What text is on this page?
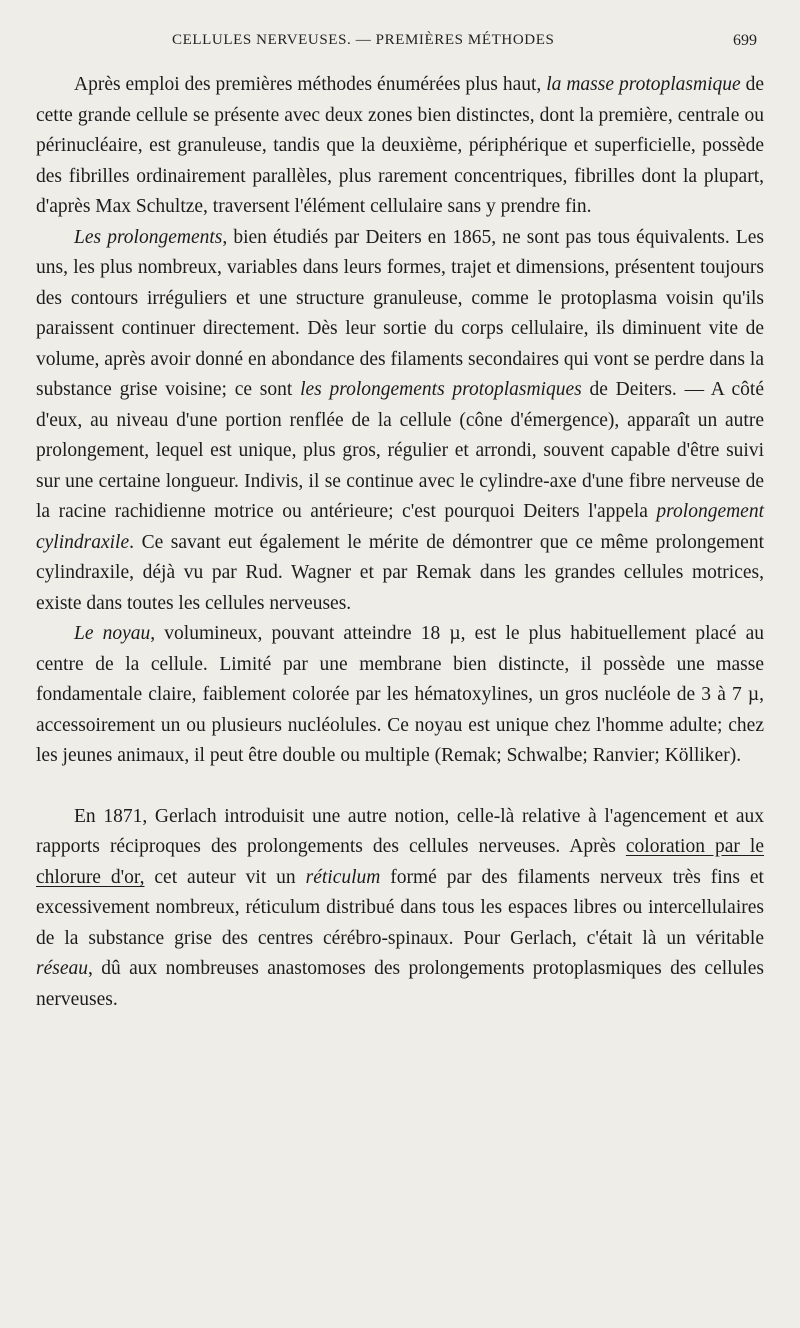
CELLULES NERVEUSES. — PREMIÈRES MÉTHODES	699

Après emploi des premières méthodes énumérées plus haut, la masse protoplasmique de cette grande cellule se présente avec deux zones bien distinctes, dont la première, centrale ou périnucléaire, est granuleuse, tandis que la deuxième, périphérique et superficielle, possède des fibrilles ordinairement parallèles, plus rarement concentriques, fibrilles dont la plupart, d'après Max Schultze, traversent l'élément cellulaire sans y prendre fin.

Les prolongements, bien étudiés par Deiters en 1865, ne sont pas tous équivalents. Les uns, les plus nombreux, variables dans leurs formes, trajet et dimensions, présentent toujours des contours irréguliers et une structure granuleuse, comme le protoplasma voisin qu'ils paraissent continuer directement. Dès leur sortie du corps cellulaire, ils diminuent vite de volume, après avoir donné en abondance des filaments secondaires qui vont se perdre dans la substance grise voisine; ce sont les prolongements protoplasmiques de Deiters. — A côté d'eux, au niveau d'une portion renflée de la cellule (cône d'émergence), apparaît un autre prolongement, lequel est unique, plus gros, régulier et arrondi, souvent capable d'être suivi sur une certaine longueur. Indivis, il se continue avec le cylindre-axe d'une fibre nerveuse de la racine rachidienne motrice ou antérieure; c'est pourquoi Deiters l'appela prolongement cylindraxile. Ce savant eut également le mérite de démontrer que ce même prolongement cylindraxile, déjà vu par Rud. Wagner et par Remak dans les grandes cellules motrices, existe dans toutes les cellules nerveuses.

Le noyau, volumineux, pouvant atteindre 18 µ, est le plus habituellement placé au centre de la cellule. Limité par une membrane bien distincte, il possède une masse fondamentale claire, faiblement colorée par les hématoxylines, un gros nucléole de 3 à 7 µ, accessoirement un ou plusieurs nucléolules. Ce noyau est unique chez l'homme adulte; chez les jeunes animaux, il peut être double ou multiple (Remak; Schwalbe; Ranvier; Kölliker).

En 1871, Gerlach introduisit une autre notion, celle-là relative à l'agencement et aux rapports réciproques des prolongements des cellules nerveuses. Après coloration par le chlorure d'or, cet auteur vit un réticulum formé par des filaments nerveux très fins et excessivement nombreux, réticulum distribué dans tous les espaces libres ou intercellulaires de la substance grise des centres cérébro-spinaux. Pour Gerlach, c'était là un véritable réseau, dû aux nombreuses anastomoses des prolongements protoplasmiques des cellules nerveuses.
